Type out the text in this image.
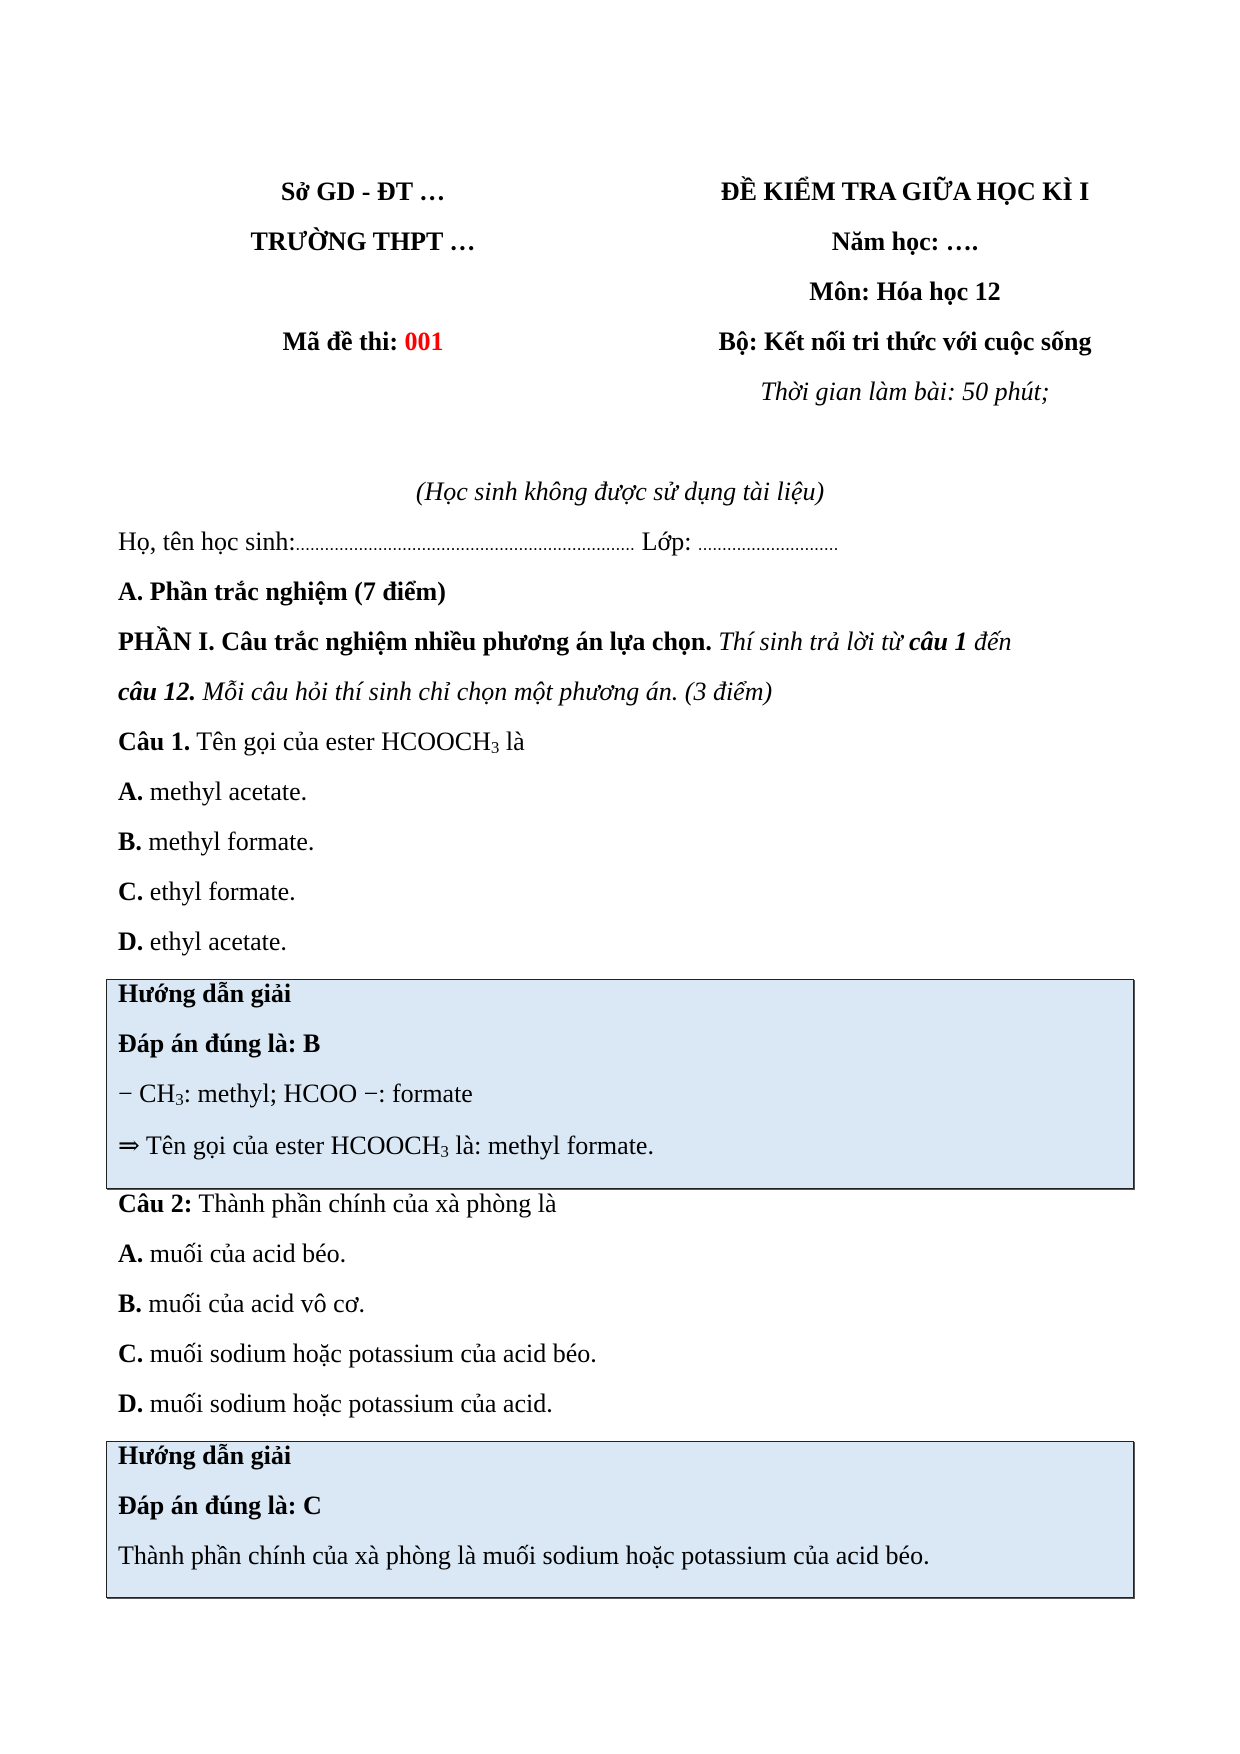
Sở GD - ĐT …
TRƯỜNG THPT …
Mã đề thi: 001
ĐỀ KIỂM TRA GIỮA HỌC KÌ I
Năm học: ….
Môn: Hóa học 12
Bộ: Kết nối tri thức với cuộc sống
Thời gian làm bài: 50 phút;
(Học sinh không được sử dụng tài liệu)
Họ, tên học sinh:...................................................................... Lớp: .............................
A. Phần trắc nghiệm (7 điểm)
PHẦN I. Câu trắc nghiệm nhiều phương án lựa chọn. Thí sinh trả lời từ câu 1 đến
câu 12. Mỗi câu hỏi thí sinh chỉ chọn một phương án. (3 điểm)
Câu 1. Tên gọi của ester $HCOOCH_3$ là
A. methyl acetate.
B. methyl formate.
C. ethyl formate.
D. ethyl acetate.
Hướng dẫn giải
Đáp án đúng là: B
− $CH_3$: methyl; HCOO −: formate
⇒ Tên gọi của ester $HCOOCH_3$ là: methyl formate.
Câu 2: Thành phần chính của xà phòng là
A. muối của acid béo.
B. muối của acid vô cơ.
C. muối sodium hoặc potassium của acid béo.
D. muối sodium hoặc potassium của acid.
Hướng dẫn giải
Đáp án đúng là: C
Thành phần chính của xà phòng là muối sodium hoặc potassium của acid béo.
